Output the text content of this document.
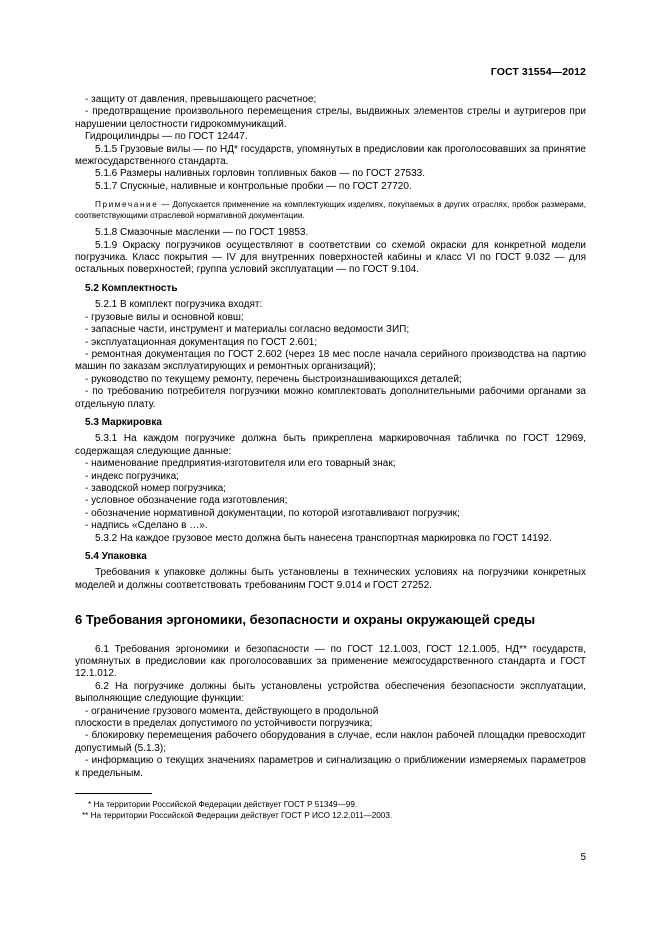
ГОСТ 31554—2012

- защиту от давления, превышающего расчетное;

- предотвращение произвольного перемещения стрелы, выдвижных элементов стрелы и аутригеров при нарушении целостности гидрокоммуникаций.

Гидроцилиндры — по ГОСТ 12447.

5.1.5 Грузовые вилы — по НД* государств, упомянутых в предисловии как проголосовавших за принятие межгосударственного стандарта.

5.1.6 Размеры наливных горловин топливных баков — по ГОСТ 27533.

5.1.7 Спускные, наливные и контрольные пробки — по ГОСТ 27720.

Примечание — Допускается применение на комплектующих изделиях, покупаемых в других отраслях, пробок размерами, соответствующими отраслевой нормативной документации.

5.1.8 Смазочные масленки — по ГОСТ 19853.

5.1.9 Окраску погрузчиков осуществляют в соответствии со схемой окраски для конкретной модели погрузчика. Класс покрытия — IV для внутренних поверхностей кабины и класс VI по ГОСТ 9.032 — для остальных поверхностей; группа условий эксплуатации — по ГОСТ 9.104.

5.2 Комплектность

5.2.1 В комплект погрузчика входят:

- грузовые вилы и основной ковш;

- запасные части, инструмент и материалы согласно ведомости ЗИП;

- эксплуатационная документация по ГОСТ 2.601;

- ремонтная документация по ГОСТ 2.602 (через 18 мес после начала серийного производства на партию машин по заказам эксплуатирующих и ремонтных организаций);

- руководство по текущему ремонту, перечень быстроизнашивающихся деталей;

- по требованию потребителя погрузчики можно комплектовать дополнительными рабочими органами за отдельную плату.

5.3 Маркировка

5.3.1 На каждом погрузчике должна быть прикреплена маркировочная табличка по ГОСТ 12969, содержащая следующие данные:

- наименование предприятия-изготовителя или его товарный знак;

- индекс погрузчика;

- заводской номер погрузчика;

- условное обозначение года изготовления;

- обозначение нормативной документации, по которой изготавливают погрузчик;

- надпись «Сделано в …».

5.3.2 На каждое грузовое место должна быть нанесена транспортная маркировка по ГОСТ 14192.

5.4 Упаковка

Требования к упаковке должны быть установлены в технических условиях на погрузчики конкретных моделей и должны соответствовать требованиям ГОСТ 9.014 и ГОСТ 27252.

6 Требования эргономики, безопасности и охраны окружающей среды

6.1 Требования эргономики и безопасности — по ГОСТ 12.1.003, ГОСТ 12.1.005, НД** государств, упомянутых в предисловии как проголосовавших за применение межгосударственного стандарта и ГОСТ 12.1.012.

6.2 На погрузчике должны быть установлены устройства обеспечения безопасности эксплуатации, выполняющие следующие функции:

- ограничение грузового момента, действующего в продольной

плоскости в пределах допустимого по устойчивости погрузчика;

- блокировку перемещения рабочего оборудования в случае, если наклон рабочей площадки превосходит допустимый (5.1.3);

- информацию о текущих значениях параметров и сигнализацию о приближении измеряемых параметров к предельным.

* На территории Российской Федерации действует ГОСТ Р 51349—99.
** На территории Российской Федерации действует ГОСТ Р ИСО 12.2.011—2003.
5
